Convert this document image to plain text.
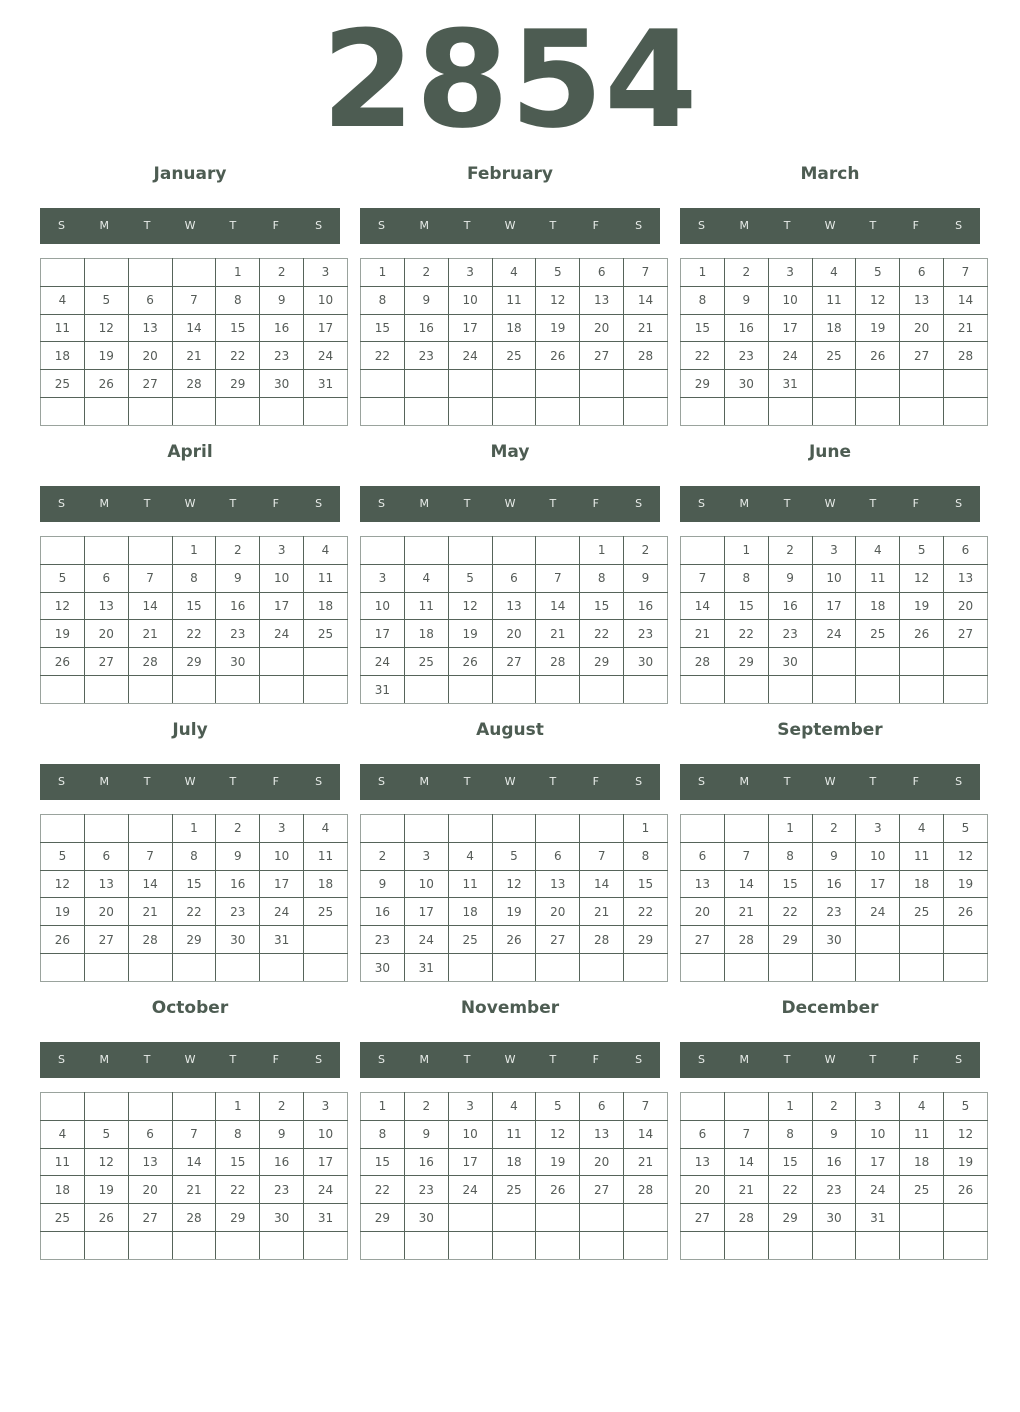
2854
January
S	M	T	W	T	F	S
				1	2	3
4	5	6	7	8	9	10
11	12	13	14	15	16	17
18	19	20	21	22	23	24
25	26	27	28	29	30	31

February
S	M	T	W	T	F	S
1	2	3	4	5	6	7
8	9	10	11	12	13	14
15	16	17	18	19	20	21
22	23	24	25	26	27	28

March
S	M	T	W	T	F	S
1	2	3	4	5	6	7
8	9	10	11	12	13	14
15	16	17	18	19	20	21
22	23	24	25	26	27	28
29	30	31				

April
S	M	T	W	T	F	S
			1	2	3	4
5	6	7	8	9	10	11
12	13	14	15	16	17	18
19	20	21	22	23	24	25
26	27	28	29	30		

May
S	M	T	W	T	F	S
					1	2
3	4	5	6	7	8	9
10	11	12	13	14	15	16
17	18	19	20	21	22	23
24	25	26	27	28	29	30
31						
June
S	M	T	W	T	F	S
	1	2	3	4	5	6
7	8	9	10	11	12	13
14	15	16	17	18	19	20
21	22	23	24	25	26	27
28	29	30				

July
S	M	T	W	T	F	S
			1	2	3	4
5	6	7	8	9	10	11
12	13	14	15	16	17	18
19	20	21	22	23	24	25
26	27	28	29	30	31	

August
S	M	T	W	T	F	S
						1
2	3	4	5	6	7	8
9	10	11	12	13	14	15
16	17	18	19	20	21	22
23	24	25	26	27	28	29
30	31					
September
S	M	T	W	T	F	S
		1	2	3	4	5
6	7	8	9	10	11	12
13	14	15	16	17	18	19
20	21	22	23	24	25	26
27	28	29	30			

October
S	M	T	W	T	F	S
				1	2	3
4	5	6	7	8	9	10
11	12	13	14	15	16	17
18	19	20	21	22	23	24
25	26	27	28	29	30	31

November
S	M	T	W	T	F	S
1	2	3	4	5	6	7
8	9	10	11	12	13	14
15	16	17	18	19	20	21
22	23	24	25	26	27	28
29	30					

December
S	M	T	W	T	F	S
		1	2	3	4	5
6	7	8	9	10	11	12
13	14	15	16	17	18	19
20	21	22	23	24	25	26
27	28	29	30	31		
